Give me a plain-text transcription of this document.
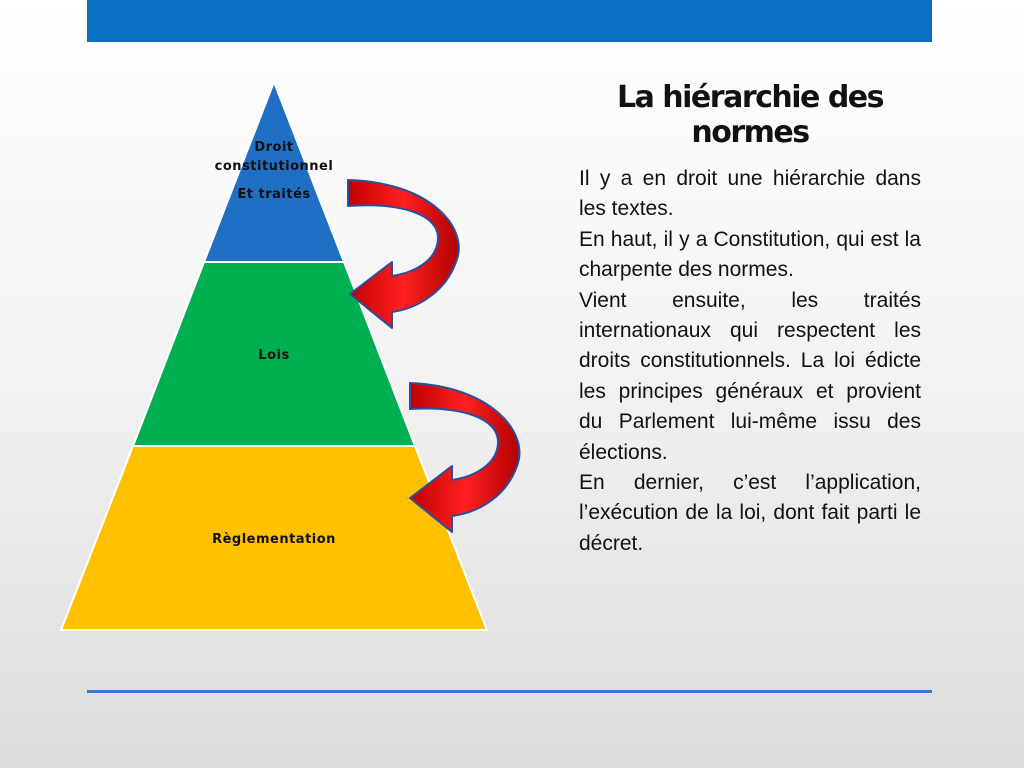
Droit
constitutionnel
Et traités
Lois
Règlementation
La hiérarchie des normes

Il y a en droit une hiérarchie dans les textes.

En haut, il y a Constitution, qui est la charpente des normes.

Vient ensuite, les traités internationaux qui respectent les droits constitutionnels. La loi édicte les principes généraux et provient du Parlement lui-même issu des élections.

En dernier, c’est l’application, l’exécution de la loi, dont fait parti le décret.
